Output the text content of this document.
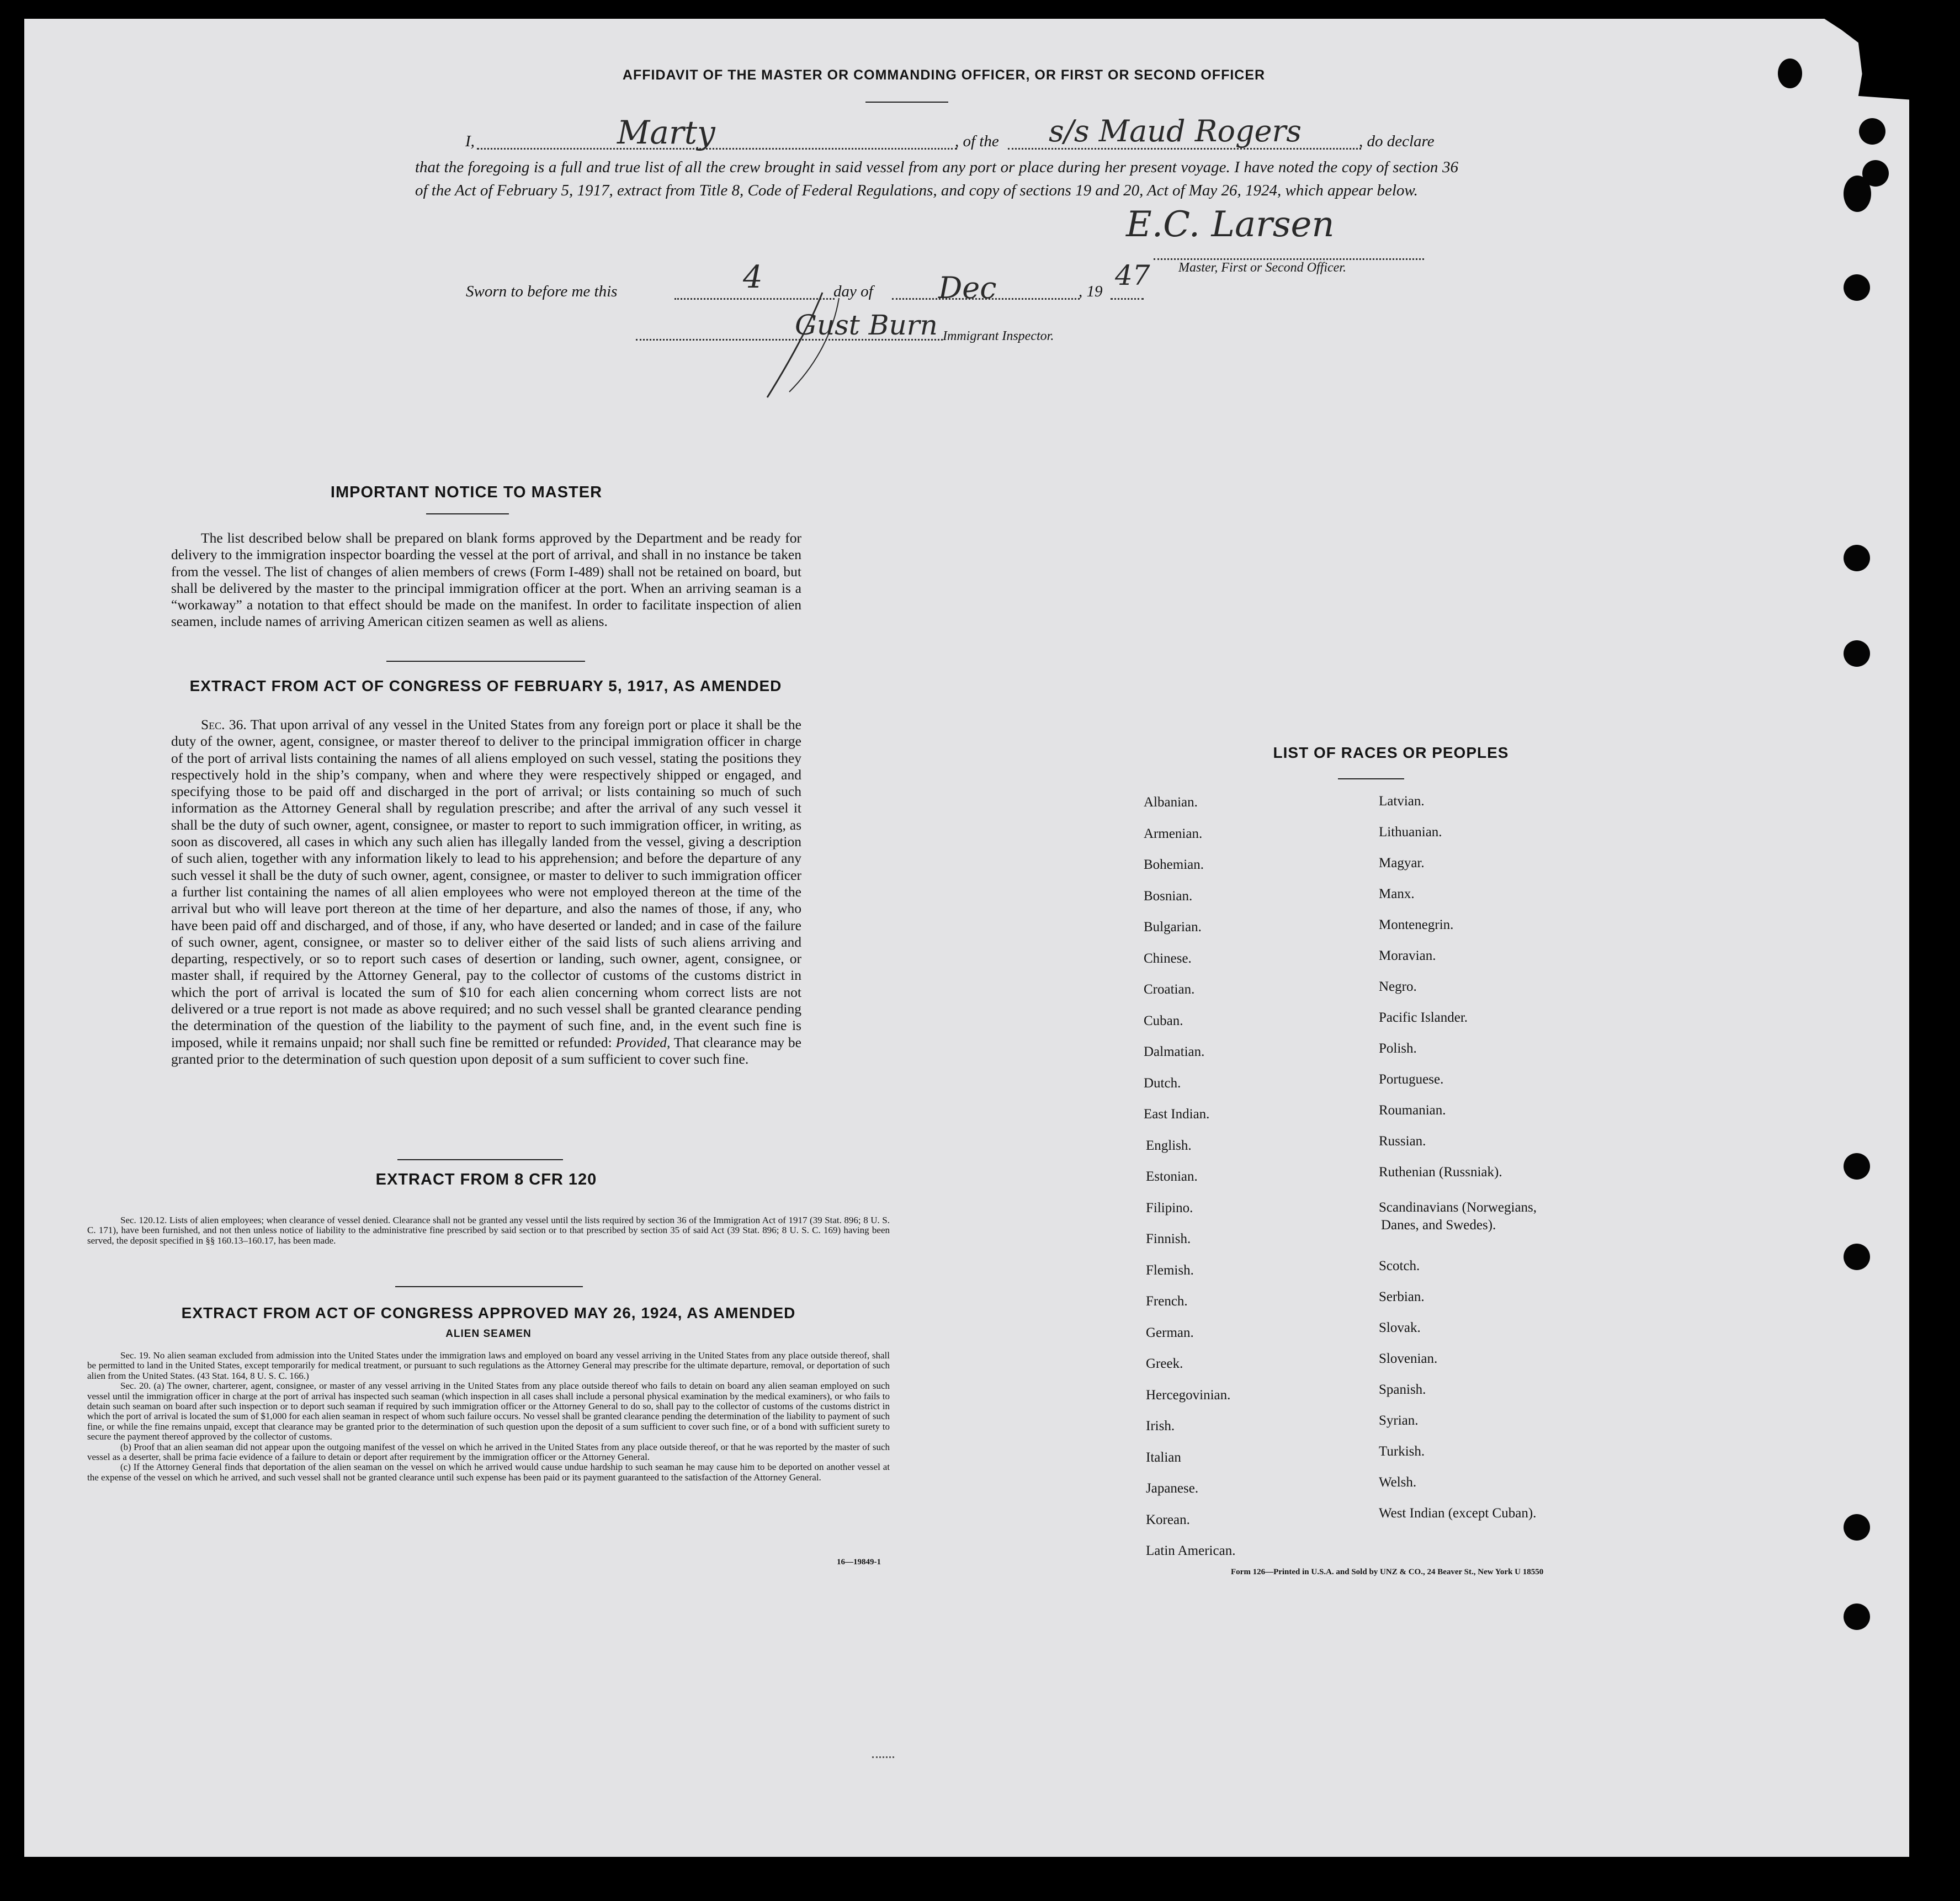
AFFIDAVIT OF THE MASTER OR COMMANDING OFFICER, OR FIRST OR SECOND OFFICER
I,	Marty	, of the s/s Maud Rogers	, do declare
that the foregoing is a full and true list of all the crew brought in said vessel from any port or place during her present voyage. I have noted the copy of section 36 of the Act of February 5, 1917, extract from Title 8, Code of Federal Regulations, and copy of sections 19 and 20, Act of May 26, 1924, which appear below.
E.C. Larsen
Master, First or Second Officer.
Sworn to before me this	4	day of Dec	, 19 47
Gust Burn Immigrant Inspector.
IMPORTANT NOTICE TO MASTER

The list described below shall be prepared on blank forms approved by the Department and be ready for delivery to the immigration inspector boarding the vessel at the port of arrival, and shall in no instance be taken from the vessel. The list of changes of alien members of crews (Form I-489) shall not be retained on board, but shall be delivered by the master to the principal immigration officer at the port. When an arriving seaman is a “workaway” a notation to that effect should be made on the manifest. In order to facilitate inspection of alien seamen, include names of arriving American citizen seamen as well as aliens.

EXTRACT FROM ACT OF CONGRESS OF FEBRUARY 5, 1917, AS AMENDED

Sec. 36. That upon arrival of any vessel in the United States from any foreign port or place it shall be the duty of the owner, agent, consignee, or master thereof to deliver to the principal immigration officer in charge of the port of arrival lists containing the names of all aliens employed on such vessel, stating the positions they respectively hold in the ship’s company, when and where they were respectively shipped or engaged, and specifying those to be paid off and discharged in the port of arrival; or lists containing so much of such information as the Attorney General shall by regulation prescribe; and after the arrival of any such vessel it shall be the duty of such owner, agent, consignee, or master to report to such immigration officer, in writing, as soon as discovered, all cases in which any such alien has illegally landed from the vessel, giving a description of such alien, together with any information likely to lead to his apprehension; and before the departure of any such vessel it shall be the duty of such owner, agent, consignee, or master to deliver to such immigration officer a further list containing the names of all alien employees who were not employed thereon at the time of the arrival but who will leave port thereon at the time of her departure, and also the names of those, if any, who have been paid off and discharged, and of those, if any, who have deserted or landed; and in case of the failure of such owner, agent, consignee, or master so to deliver either of the said lists of such aliens arriving and departing, respectively, or so to report such cases of desertion or landing, such owner, agent, consignee, or master shall, if required by the Attorney General, pay to the collector of customs of the customs district in which the port of arrival is located the sum of $10 for each alien concerning whom correct lists are not delivered or a true report is not made as above required; and no such vessel shall be granted clearance pending the determination of the question of the liability to the payment of such fine, and, in the event such fine is imposed, while it remains unpaid; nor shall such fine be remitted or refunded: Provided, That clearance may be granted prior to the determination of such question upon deposit of a sum sufficient to cover such fine.

EXTRACT FROM 8 CFR 120

Sec. 120.12. Lists of alien employees; when clearance of vessel denied. Clearance shall not be granted any vessel until the lists required by section 36 of the Immigration Act of 1917 (39 Stat. 896; 8 U. S. C. 171), have been furnished, and not then unless notice of liability to the administrative fine prescribed by said section or to that prescribed by section 35 of said Act (39 Stat. 896; 8 U. S. C. 169) having been served, the deposit specified in §§ 160.13–160.17, has been made.

EXTRACT FROM ACT OF CONGRESS APPROVED MAY 26, 1924, AS AMENDED
ALIEN SEAMEN

Sec. 19. No alien seaman excluded from admission into the United States under the immigration laws and employed on board any vessel arriving in the United States from any place outside thereof, shall be permitted to land in the United States, except temporarily for medical treatment, or pursuant to such regulations as the Attorney General may prescribe for the ultimate departure, removal, or deportation of such alien from the United States. (43 Stat. 164, 8 U. S. C. 166.)

Sec. 20. (a) The owner, charterer, agent, consignee, or master of any vessel arriving in the United States from any place outside thereof who fails to detain on board any alien seaman employed on such vessel until the immigration officer in charge at the port of arrival has inspected such seaman (which inspection in all cases shall include a personal physical examination by the medical examiners), or who fails to detain such seaman on board after such inspection or to deport such seaman if required by such immigration officer or the Attorney General to do so, shall pay to the collector of customs of the customs district in which the port of arrival is located the sum of $1,000 for each alien seaman in respect of whom such failure occurs. No vessel shall be granted clearance pending the determination of the liability to payment of such fine, or while the fine remains unpaid, except that clearance may be granted prior to the determination of such question upon the deposit of a sum sufficient to cover such fine, or of a bond with sufficient surety to secure the payment thereof approved by the collector of customs.

(b) Proof that an alien seaman did not appear upon the outgoing manifest of the vessel on which he arrived in the United States from any place outside thereof, or that he was reported by the master of such vessel as a deserter, shall be prima facie evidence of a failure to detain or deport after requirement by the immigration officer or the Attorney General.

(c) If the Attorney General finds that deportation of the alien seaman on the vessel on which he arrived would cause undue hardship to such seaman he may cause him to be deported on another vessel at the expense of the vessel on which he arrived, and such vessel shall not be granted clearance until such expense has been paid or its payment guaranteed to the satisfaction of the Attorney General.

16—19849-1
LIST OF RACES OR PEOPLES
Albanian.
Armenian.
Bohemian.
Bosnian.
Bulgarian.
Chinese.
Croatian.
Cuban.
Dalmatian.
Dutch.
East Indian.
English.
Estonian.
Filipino.
Finnish.
Flemish.
French.
German.
Greek.
Hercegovinian.
Irish.
Italian
Japanese.
Korean.
Latin American.
Latvian.
Lithuanian.
Magyar.
Manx.
Montenegrin.
Moravian.
Negro.
Pacific Islander.
Polish.
Portuguese.
Roumanian.
Russian.
Ruthenian (Russniak).
Scandinavians (Norwegians,
Danes, and Swedes).
Scotch.
Serbian.
Slovak.
Slovenian.
Spanish.
Syrian.
Turkish.
Welsh.
West Indian (except Cuban).
Form 126—Printed in U.S.A. and Sold by UNZ & CO., 24 Beaver St., New York U 18550
